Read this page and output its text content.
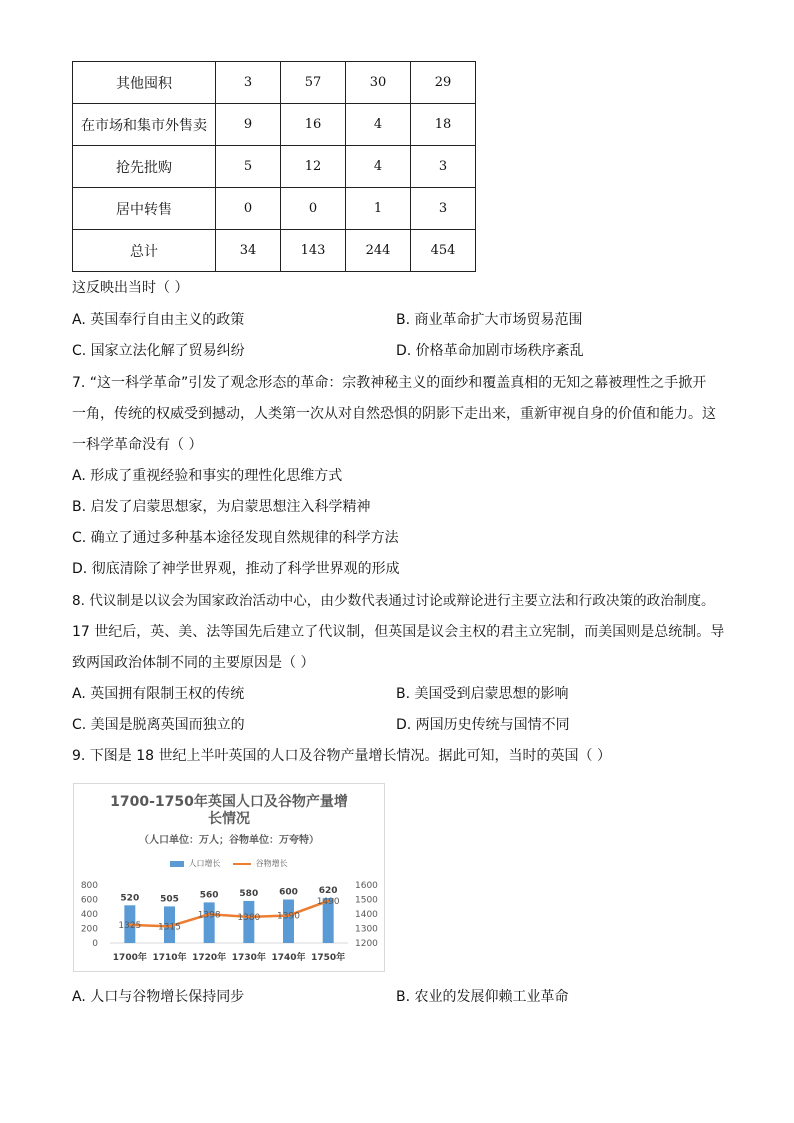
其他囤积	3	57	30	29
在市场和集市外售卖	9	16	4	18
抢先批购	5	12	4	3
居中转售	0	0	1	3
总计	34	143	244	454
这反映出当时（ ）
A. 英国奉行自由主义的政策	B. 商业革命扩大市场贸易范围
C. 国家立法化解了贸易纠纷	D. 价格革命加剧市场秩序紊乱
7. “这一科学革命”引发了观念形态的革命：宗教神秘主义的面纱和覆盖真相的无知之幕被理性之手掀开
一角，传统的权威受到撼动，人类第一次从对自然恐惧的阴影下走出来，重新审视自身的价值和能力。这
一科学革命没有（ ）
A. 形成了重视经验和事实的理性化思维方式
B. 启发了启蒙思想家，为启蒙思想注入科学精神
C. 确立了通过多种基本途径发现自然规律的科学方法
D. 彻底清除了神学世界观，推动了科学世界观的形成
8. 代议制是以议会为国家政治活动中心，由少数代表通过讨论或辩论进行主要立法和行政决策的政治制度。
17 世纪后，英、美、法等国先后建立了代议制，但英国是议会主权的君主立宪制，而美国则是总统制。导
致两国政治体制不同的主要原因是（ ）
A. 英国拥有限制王权的传统	B. 美国受到启蒙思想的影响
C. 美国是脱离英国而独立的	D. 两国历史传统与国情不同
9. 下图是 18 世纪上半叶英国的人口及谷物产量增长情况。据此可知，当时的英国（ ）
1700-1750年英国人口及谷物产量增
长情况
（人口单位：万人；谷物单位：万夸特）
人口增长	谷物增长
800
600
400
200
0
1600
1500
1400
1300
1200
520 505 560 580 600 620
1325 1315
1398 1380 1390
1490
1700年 1710年 1720年 1730年 1740年 1750年
A. 人口与谷物增长保持同步	B. 农业的发展仰赖工业革命
